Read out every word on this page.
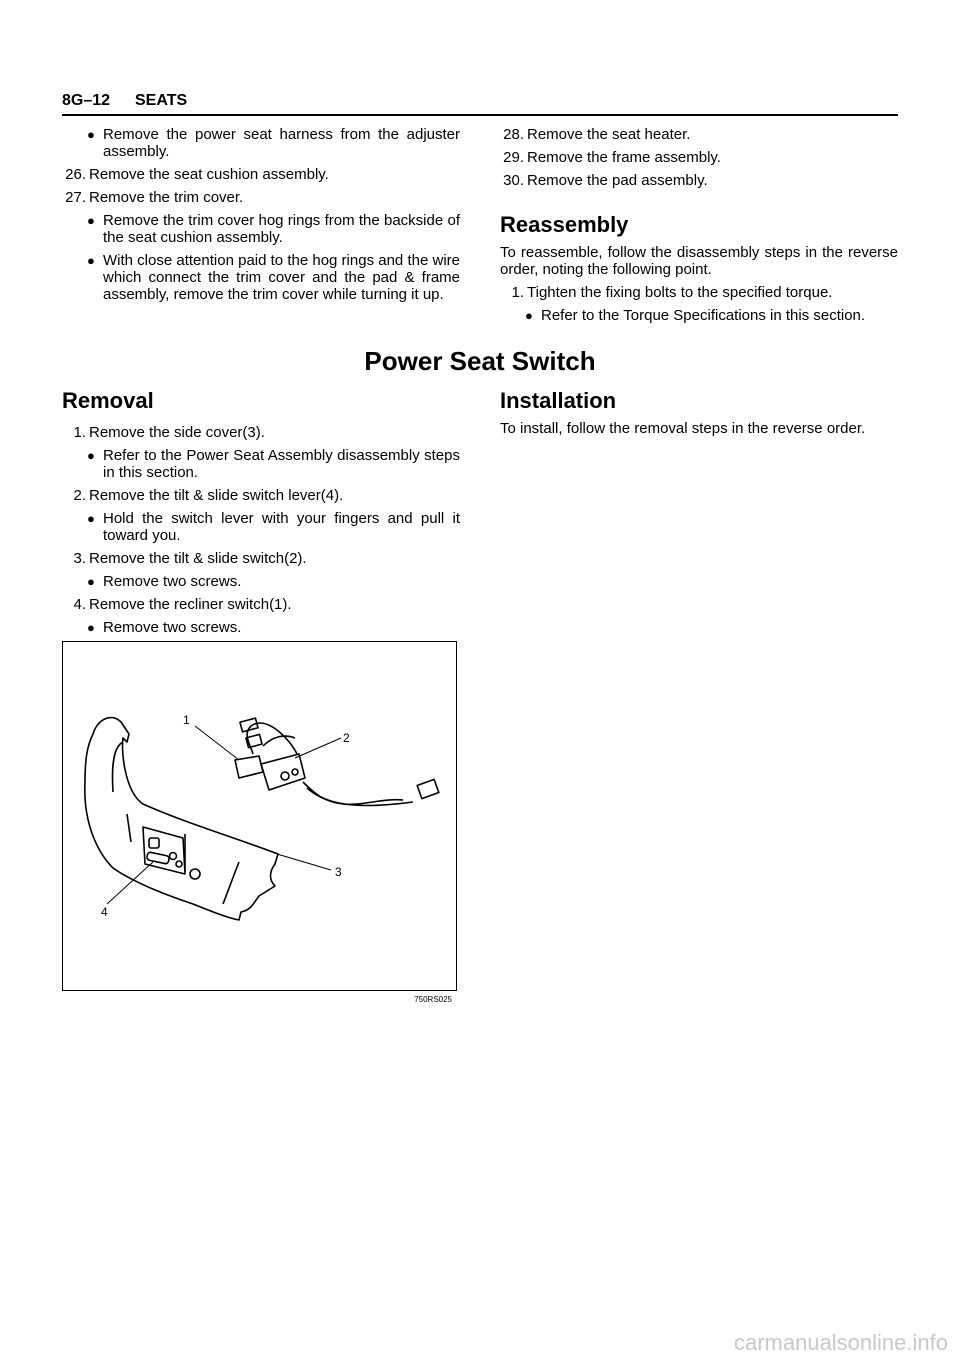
8G–12 SEATS
● Remove the power seat harness from the adjuster assembly.
26. Remove the seat cushion assembly.
27. Remove the trim cover.
● Remove the trim cover hog rings from the backside of the seat cushion assembly.
● With close attention paid to the hog rings and the wire which connect the trim cover and the pad & frame assembly, remove the trim cover while turning it up.
28. Remove the seat heater.
29. Remove the frame assembly.
30. Remove the pad assembly.
Reassembly
To reassemble, follow the disassembly steps in the reverse order, noting the following point.
1. Tighten the fixing bolts to the specified torque.
● Refer to the Torque Specifications in this section.
Power Seat Switch
Removal
1. Remove the side cover(3).
● Refer to the Power Seat Assembly disassembly steps in this section.
2. Remove the tilt & slide switch lever(4).
● Hold the switch lever with your fingers and pull it toward you.
3. Remove the tilt & slide switch(2).
● Remove two screws.
4. Remove the recliner switch(1).
● Remove two screws.
Installation
To install, follow the removal steps in the reverse order.
1
2
3
4
750RS025
carmanualsonline.info
